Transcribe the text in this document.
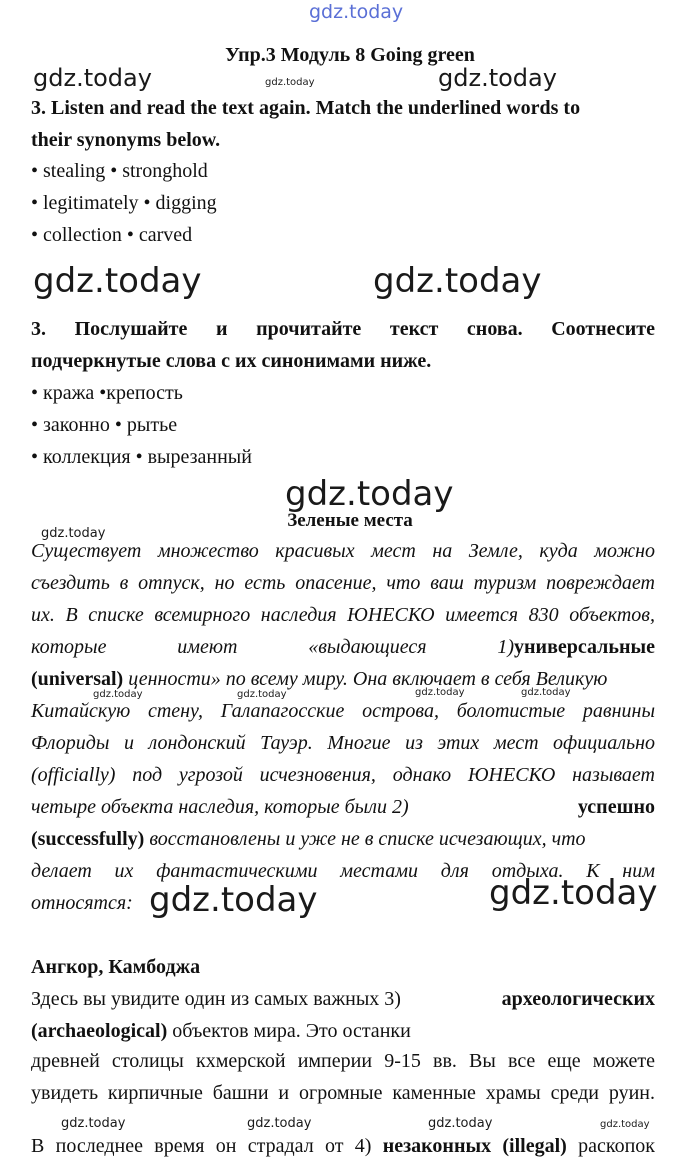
gdz.today
Упр.3 Модуль 8 Going green
gdz.today	gdz.today	gdz.today
3. Listen and read the text again. Match the underlined words to
their synonyms below.
• stealing • stronghold
• legitimately • digging
• collection • carved
gdz.today	gdz.today
3. Послушайте и прочитайте текст снова. Соотнесите
подчеркнутые слова с их синонимами ниже.
• кража •крепость
• законно • рытье
• коллекция • вырезанный
gdz.today
Зеленые места
gdz.today
Существует множество красивых мест на Земле, куда можно
съездить в отпуск, но есть опасение, что ваш туризм повреждает
их. В списке всемирного наследия ЮНЕСКО имеется 830 объектов,
которые имеют «выдающиеся 1) универсальные
(universal) ценности» по всему миру. Она включает в себя Великую
gdz.today	gdz.today	gdz.today	gdz.today
Китайскую стену, Галапагосские острова, болотистые равнины
Флориды и лондонский Тауэр. Многие из этих мест официально
(officially) под угрозой исчезновения, однако ЮНЕСКО называет
четыре объекта наследия, которые были 2)	успешно
(successfully) восстановлены и уже не в списке исчезающих, что
делает их фантастическими местами для отдыха. К ним
относятся: gdz.today	gdz.today
Ангкор, Камбоджа
Здесь вы увидите один из самых важных 3)	археологических
(archaeological) объектов мира. Это останки
древней столицы кхмерской империи 9-15 вв. Вы все еще можете
увидеть кирпичные башни и огромные каменные храмы среди руин.
gdz.today	gdz.today	gdz.today	gdz.today
В последнее время он страдал от 4) незаконных (illegal) раскопок
